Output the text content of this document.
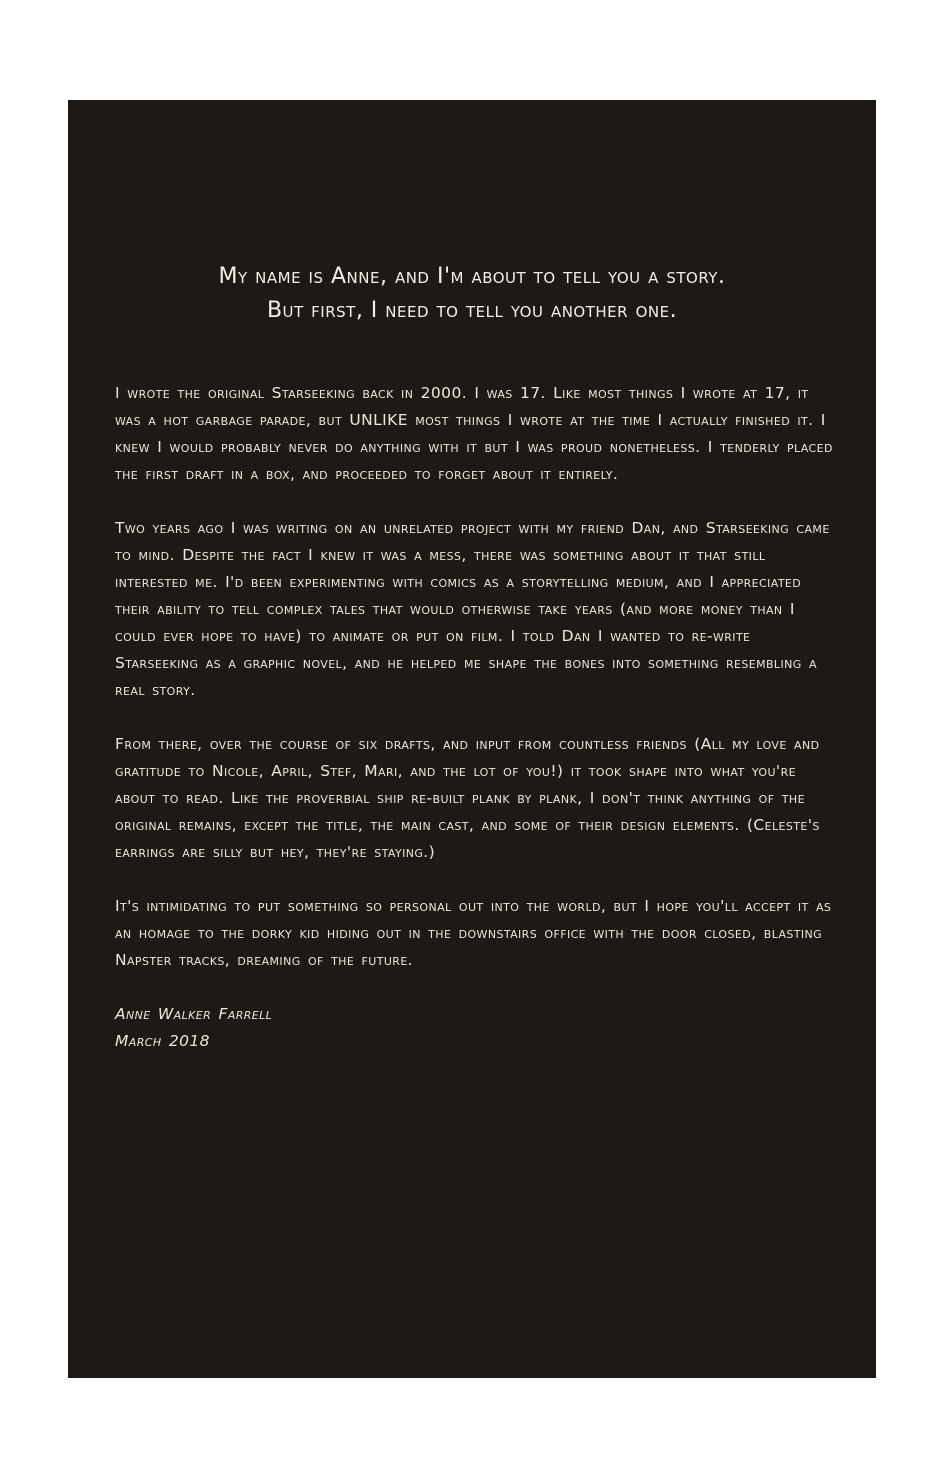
My name is Anne, and I'm about to tell you a story.
But first, I need to tell you another one.

I wrote the original Starseeking back in 2000. I was 17. Like most things I wrote at 17, it was a hot garbage parade, but UNLIKE most things I wrote at the time I actually finished it. I knew I would probably never do anything with it but I was proud nonetheless. I tenderly placed the first draft in a box, and proceeded to forget about it entirely.

Two years ago I was writing on an unrelated project with my friend Dan, and Starseeking came to mind. Despite the fact I knew it was a mess, there was something about it that still interested me. I'd been experimenting with comics as a storytelling medium, and I appreciated their ability to tell complex tales that would otherwise take years (and more money than I could ever hope to have) to animate or put on film. I told Dan I wanted to re-write Starseeking as a graphic novel, and he helped me shape the bones into something resembling a real story.

From there, over the course of six drafts, and input from countless friends (All my love and gratitude to Nicole, April, Stef, Mari, and the lot of you!) it took shape into what you're about to read. Like the proverbial ship re-built plank by plank, I don't think anything of the original remains, except the title, the main cast, and some of their design elements. (Celeste's earrings are silly but hey, they're staying.)

It's intimidating to put something so personal out into the world, but I hope you'll accept it as an homage to the dorky kid hiding out in the downstairs office with the door closed, blasting Napster tracks, dreaming of the future.

Anne Walker Farrell
March 2018
